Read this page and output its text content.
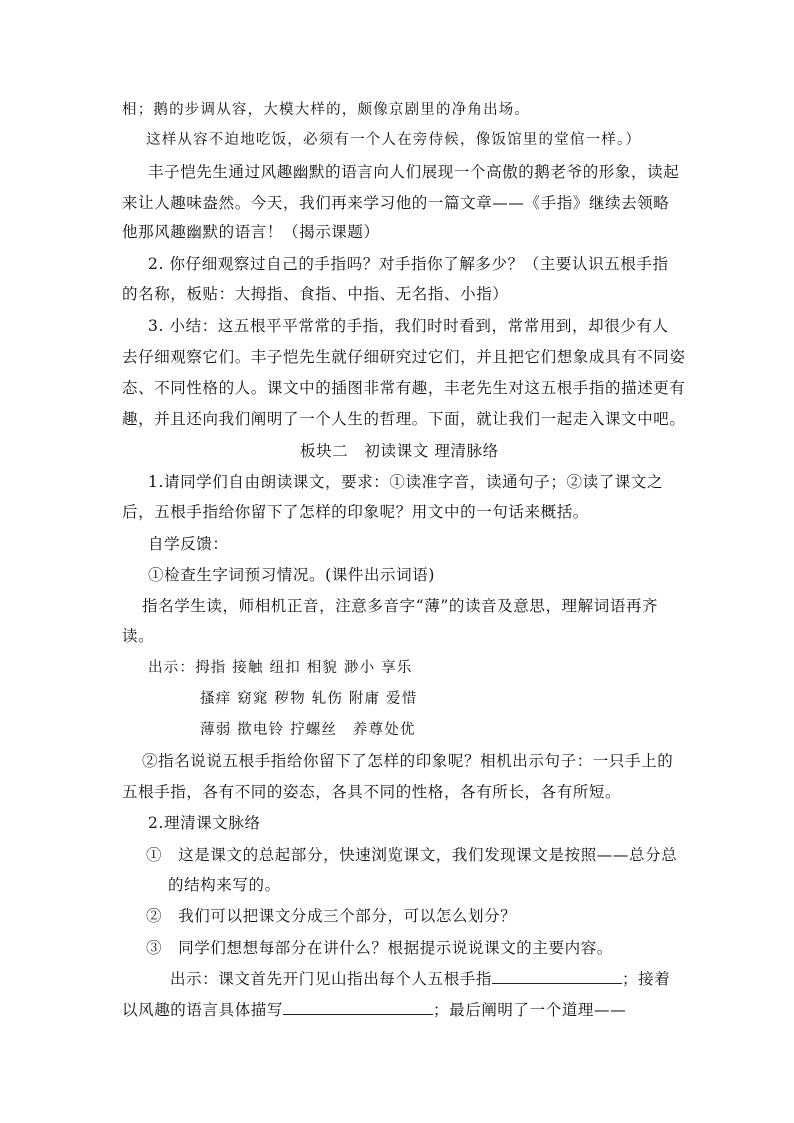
相；鹅的步调从容，大模大样的，颇像京剧里的净角出场。
这样从容不迫地吃饭，必须有一个人在旁侍候，像饭馆里的堂倌一样。）
丰子恺先生通过风趣幽默的语言向人们展现一个高傲的鹅老爷的形象，读起
来让人趣味盎然。今天，我们再来学习他的一篇文章——《手指》继续去领略
他那风趣幽默的语言！（揭示课题）
2. 你仔细观察过自己的手指吗？对手指你了解多少？（主要认识五根手指
的名称，板贴：大拇指、食指、中指、无名指、小指）
3. 小结：这五根平平常常的手指，我们时时看到，常常用到，却很少有人
去仔细观察它们。丰子恺先生就仔细研究过它们，并且把它们想象成具有不同姿
态、不同性格的人。课文中的插图非常有趣，丰老先生对这五根手指的描述更有
趣，并且还向我们阐明了一个人生的哲理。下面，就让我们一起走入课文中吧。
板块二　初读课文 理清脉络
1.请同学们自由朗读课文，要求：①读准字音，读通句子；②读了课文之
后，五根手指给你留下了怎样的印象呢？用文中的一句话来概括。
自学反馈：
①检查生字词预习情况。(课件出示词语)
指名学生读，师相机正音，注意多音字“薄”的读音及意思，理解词语再齐
读。
出示：拇指 接触 纽扣 相貌 渺小 享乐
搔痒 窈窕 秽物 轧伤 附庸 爱惜
薄弱 揿电铃 拧螺丝　养尊处优
②指名说说五根手指给你留下了怎样的印象呢？相机出示句子：一只手上的
五根手指，各有不同的姿态，各具不同的性格，各有所长，各有所短。
2.理清课文脉络
①　这是课文的总起部分，快速浏览课文，我们发现课文是按照——总分总
的结构来写的。
②　我们可以把课文分成三个部分，可以怎么划分？
③　同学们想想每部分在讲什么？根据提示说说课文的主要内容。
出示：课文首先开门见山指出每个人五根手指	；接着
以风趣的语言具体描写	；最后阐明了一个道理——
